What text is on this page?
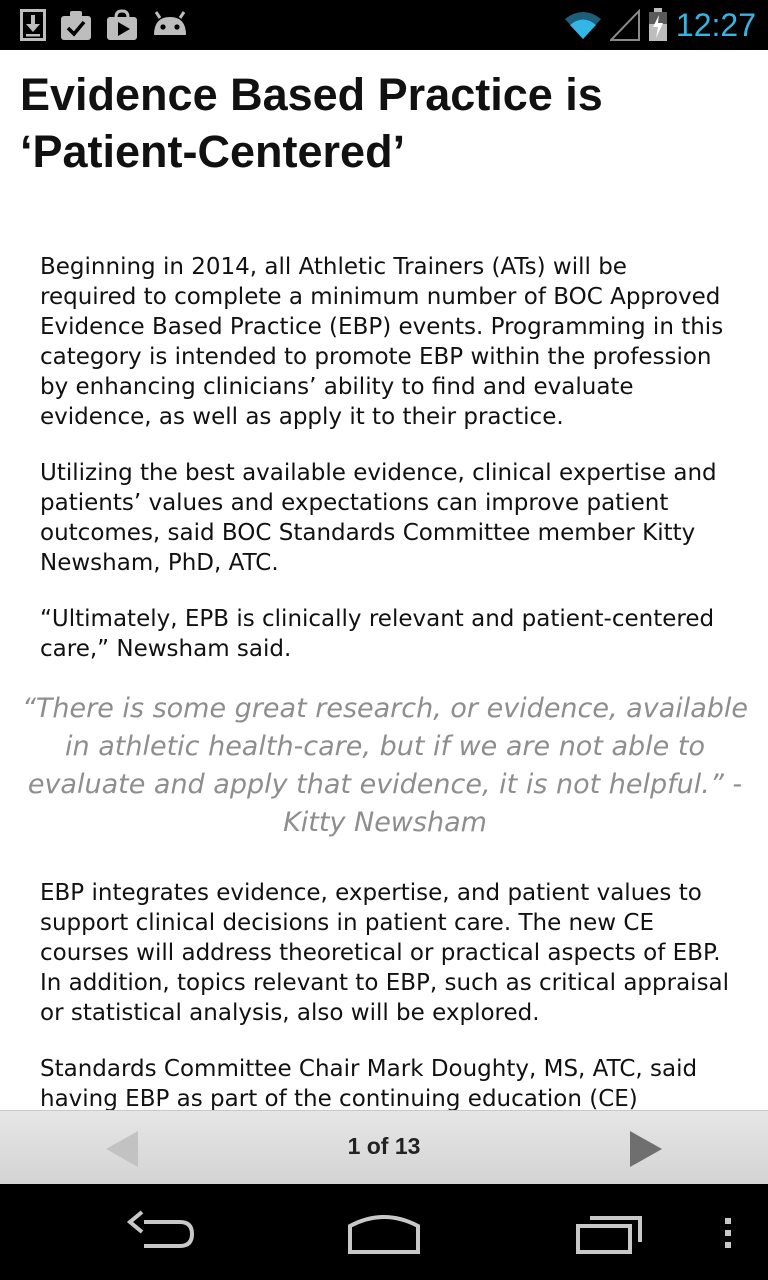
12:27
Evidence Based Practice is ‘Patient-Centered’

Beginning in 2014, all Athletic Trainers (ATs) will be required to complete a minimum number of BOC Approved Evidence Based Practice (EBP) events. Programming in this category is intended to promote EBP within the profession by enhancing clinicians’ ability to find and evaluate evidence, as well as apply it to their practice.

Utilizing the best available evidence, clinical expertise and patients’ values and expectations can improve patient outcomes, said BOC Standards Committee member Kitty Newsham, PhD, ATC.

“Ultimately, EPB is clinically relevant and patient-centered care,” Newsham said.

“There is some great research, or evidence, available in athletic health-care, but if we are not able to evaluate and apply that evidence, it is not helpful.” - Kitty Newsham

EBP integrates evidence, expertise, and patient values to support clinical decisions in patient care. The new CE courses will address theoretical or practical aspects of EBP. In addition, topics relevant to EBP, such as critical appraisal or statistical analysis, also will be explored.

Standards Committee Chair Mark Doughty, MS, ATC, said having EBP as part of the continuing education (CE)

1 of 13
